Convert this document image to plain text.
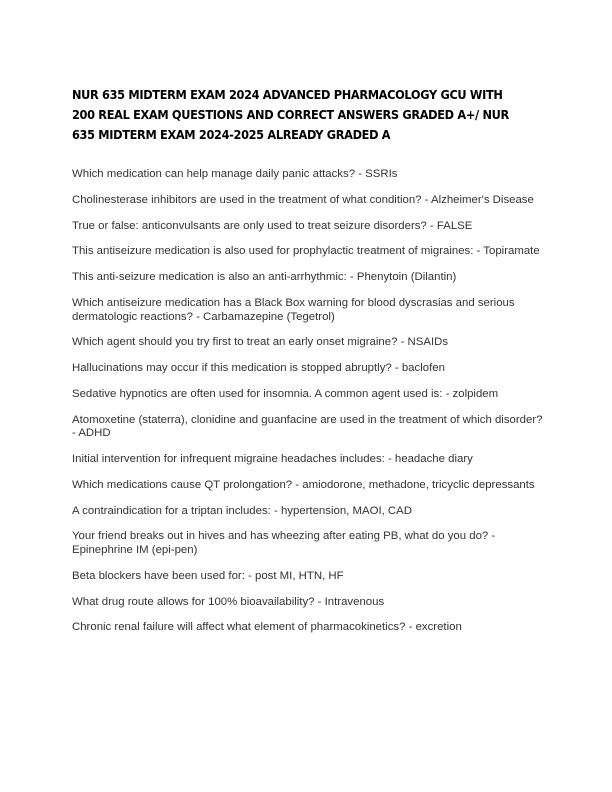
NUR 635 MIDTERM EXAM 2024 ADVANCED PHARMACOLOGY GCU WITH 200 REAL EXAM QUESTIONS AND CORRECT ANSWERS GRADED A+/ NUR 635 MIDTERM EXAM 2024-2025 ALREADY GRADED A

Which medication can help manage daily panic attacks? - SSRIs

Cholinesterase inhibitors are used in the treatment of what condition? - Alzheimer's Disease

True or false: anticonvulsants are only used to treat seizure disorders? - FALSE

This antiseizure medication is also used for prophylactic treatment of migraines: - Topiramate

This anti-seizure medication is also an anti-arrhythmic: - Phenytoin (Dilantin)

Which antiseizure medication has a Black Box warning for blood dyscrasias and serious dermatologic reactions? - Carbamazepine (Tegetrol)

Which agent should you try first to treat an early onset migraine? - NSAIDs

Hallucinations may occur if this medication is stopped abruptly? - baclofen

Sedative hypnotics are often used for insomnia. A common agent used is: - zolpidem

Atomoxetine (staterra), clonidine and guanfacine are used in the treatment of which disorder? - ADHD

Initial intervention for infrequent migraine headaches includes: - headache diary

Which medications cause QT prolongation? - amiodorone, methadone, tricyclic depressants

A contraindication for a triptan includes: - hypertension, MAOI, CAD

Your friend breaks out in hives and has wheezing after eating PB, what do you do? - Epinephrine IM (epi-pen)

Beta blockers have been used for: - post MI, HTN, HF

What drug route allows for 100% bioavailability? - Intravenous

Chronic renal failure will affect what element of pharmacokinetics? - excretion
